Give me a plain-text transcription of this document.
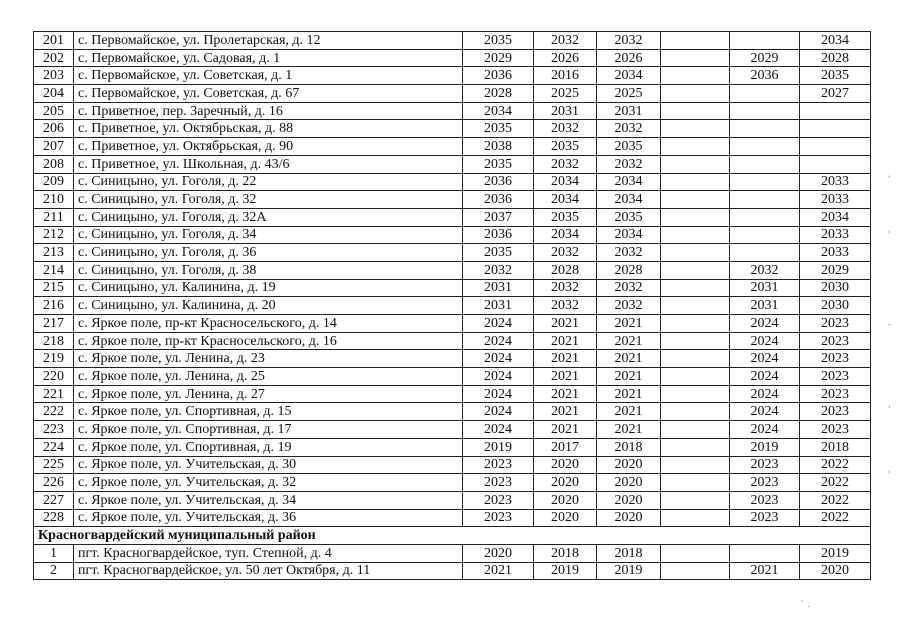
201	с. Первомайское, ул. Пролетарская, д. 12	2035	2032	2032			2034
202	с. Первомайское, ул. Садовая, д. 1	2029	2026	2026		2029	2028
203	с. Первомайское, ул. Советская, д. 1	2036	2016	2034		2036	2035
204	с. Первомайское, ул. Советская, д. 67	2028	2025	2025			2027
205	с. Приветное, пер. Заречный, д. 16	2034	2031	2031			
206	с. Приветное, ул. Октябрьская, д. 88	2035	2032	2032			
207	с. Приветное, ул. Октябрьская, д. 90	2038	2035	2035			
208	с. Приветное, ул. Школьная, д. 43/6	2035	2032	2032			
209	с. Синицыно, ул. Гоголя, д. 22	2036	2034	2034			2033
210	с. Синицыно, ул. Гоголя, д. 32	2036	2034	2034			2033
211	с. Синицыно, ул. Гоголя, д. 32А	2037	2035	2035			2034
212	с. Синицыно, ул. Гоголя, д. 34	2036	2034	2034			2033
213	с. Синицыно, ул. Гоголя, д. 36	2035	2032	2032			2033
214	с. Синицыно, ул. Гоголя, д. 38	2032	2028	2028		2032	2029
215	с. Синицыно, ул. Калинина, д. 19	2031	2032	2032		2031	2030
216	с. Синицыно, ул. Калинина, д. 20	2031	2032	2032		2031	2030
217	с. Яркое поле, пр-кт Красносельского, д. 14	2024	2021	2021		2024	2023
218	с. Яркое поле, пр-кт Красносельского, д. 16	2024	2021	2021		2024	2023
219	с. Яркое поле, ул. Ленина, д. 23	2024	2021	2021		2024	2023
220	с. Яркое поле, ул. Ленина, д. 25	2024	2021	2021		2024	2023
221	с. Яркое поле, ул. Ленина, д. 27	2024	2021	2021		2024	2023
222	с. Яркое поле, ул. Спортивная, д. 15	2024	2021	2021		2024	2023
223	с. Яркое поле, ул. Спортивная, д. 17	2024	2021	2021		2024	2023
224	с. Яркое поле, ул. Спортивная, д. 19	2019	2017	2018		2019	2018
225	с. Яркое поле, ул. Учительская, д. 30	2023	2020	2020		2023	2022
226	с. Яркое поле, ул. Учительская, д. 32	2023	2020	2020		2023	2022
227	с. Яркое поле, ул. Учительская, д. 34	2023	2020	2020		2023	2022
228	с. Яркое поле, ул. Учительская, д. 36	2023	2020	2020		2023	2022
Красногвардейский муниципальный район							
1	пгт. Красногвардейское, туп. Степной, д. 4	2020	2018	2018			2019
2	пгт. Красногвардейское, ул. 50 лет Октября, д. 11	2021	2019	2019		2021	2020
'
'
-
'
'
` .
